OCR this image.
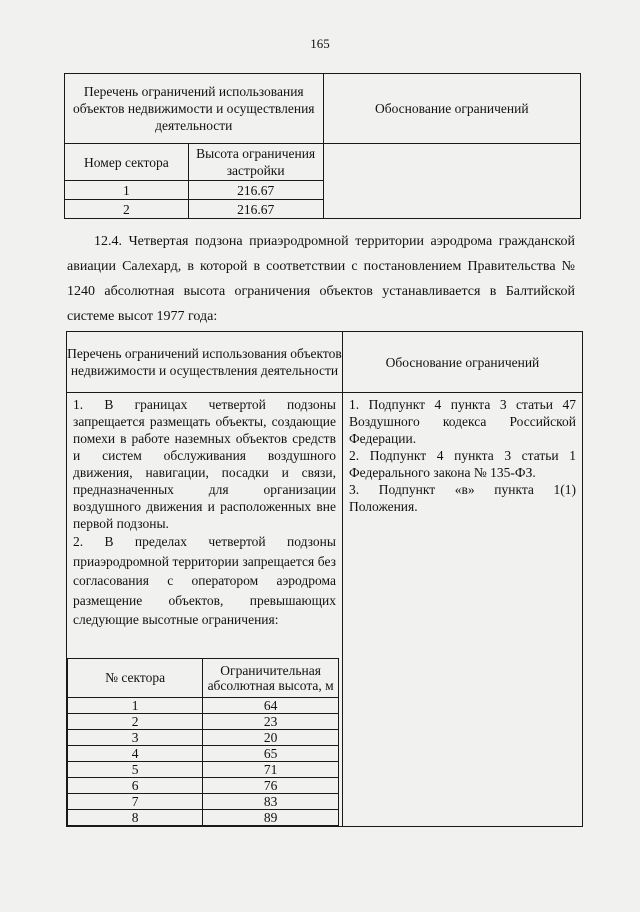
165
Перечень ограничений использования объектов недвижимости и осуществления деятельности		Обоснование ограничений
Номер сектора	Высота ограничения застройки	
1	216.67	
2	216.67	

12.4. Четвертая подзона приаэродромной территории аэродрома гражданской авиации Салехард, в которой в соответствии с постановлением Правительства № 1240 абсолютная высота ограничения объектов устанавливается в Балтийской системе высот 1977 года:

Перечень ограничений использования объектов недвижимости и осуществления деятельности	Обоснование ограничений

1. В границах четвертой подзоны запрещается размещать объекты, создающие помехи в работе наземных объектов средств и систем обслуживания воздушного движения, навигации, посадки и связи, предназначенных для организации воздушного движения и расположенных вне первой подзоны.

2. В пределах четвертой подзоны приаэродромной территории запрещается без согласования с оператором аэродрома размещение объектов, превышающих следующие высотные ограничения:

№ сектора	Ограничительная абсолютная высота, м
1	64
2	23
3	20
4	65
5	71
6	76
7	83
8	89

1. Подпункт 4 пункта 3 статьи 47 Воздушного кодекса Российской Федерации.

2. Подпункт 4 пункта 3 статьи 1 Федерального закона № 135-ФЗ.

3. Подпункт «в» пункта 1(1) Положения.
